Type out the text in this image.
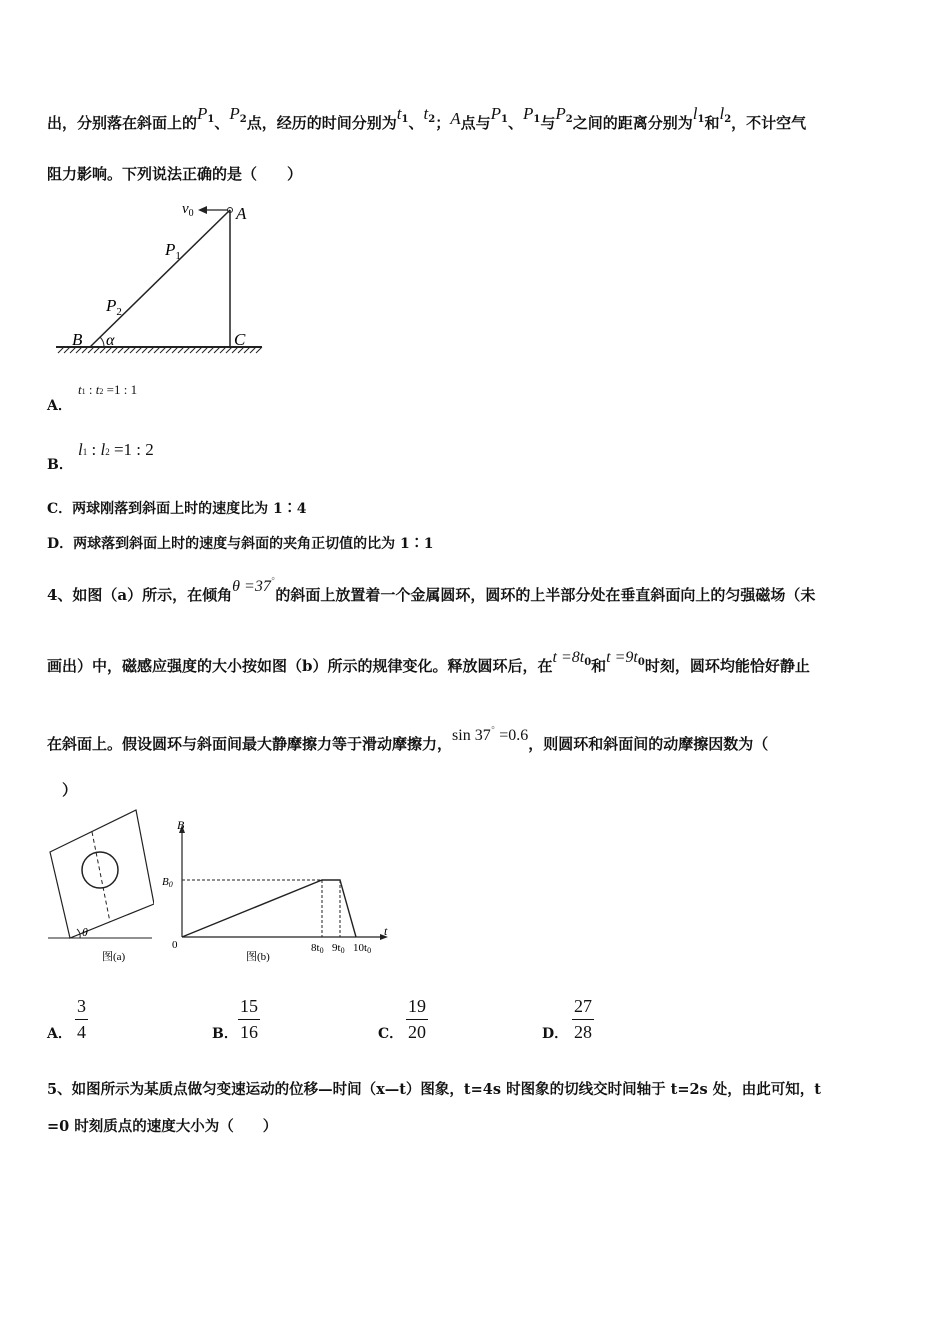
出，分别落在斜面上的$P_1$、$P_2$点，经历的时间分别为$t_1$、$t_2$；A点与$P_1$、$P_1$与$P_2$之间的距离分别为$l_1$和$l_2$，不计空气
阻力影响。下列说法正确的是（　　）
$v_0$ A
$P_1$
$P_2$
B α	C
A．
t1 : t2 =1 : 1
B．
l1 : l2 =1 : 2
C．两球刚落到斜面上时的速度比为 1∶4
D．两球落到斜面上时的速度与斜面的夹角正切值的比为 1∶1
4、如图（a）所示，在倾角θ =37°的斜面上放置着一个金属圆环，圆环的上半部分处在垂直斜面向上的匀强磁场（未
画出）中，磁感应强度的大小按如图（b）所示的规律变化。释放圆环后，在$t =8t_0$和$t =9t_0$时刻，圆环均能恰好静止
在斜面上。假设圆环与斜面间最大静摩擦力等于滑动摩擦力，sin 37° =0.6，则圆环和斜面间的动摩擦因数为（
）
θ
图(a)
B
B0
0
t
8t0 9t0 10t0
图(b)
A．
3
4	B．
15
16	C．
19
20	D．
27
28
5、如图所示为某质点做匀变速运动的位移—时间（x—t）图象，t=4s 时图象的切线交时间轴于 t=2s 处，由此可知，t
=0 时刻质点的速度大小为（　　）
